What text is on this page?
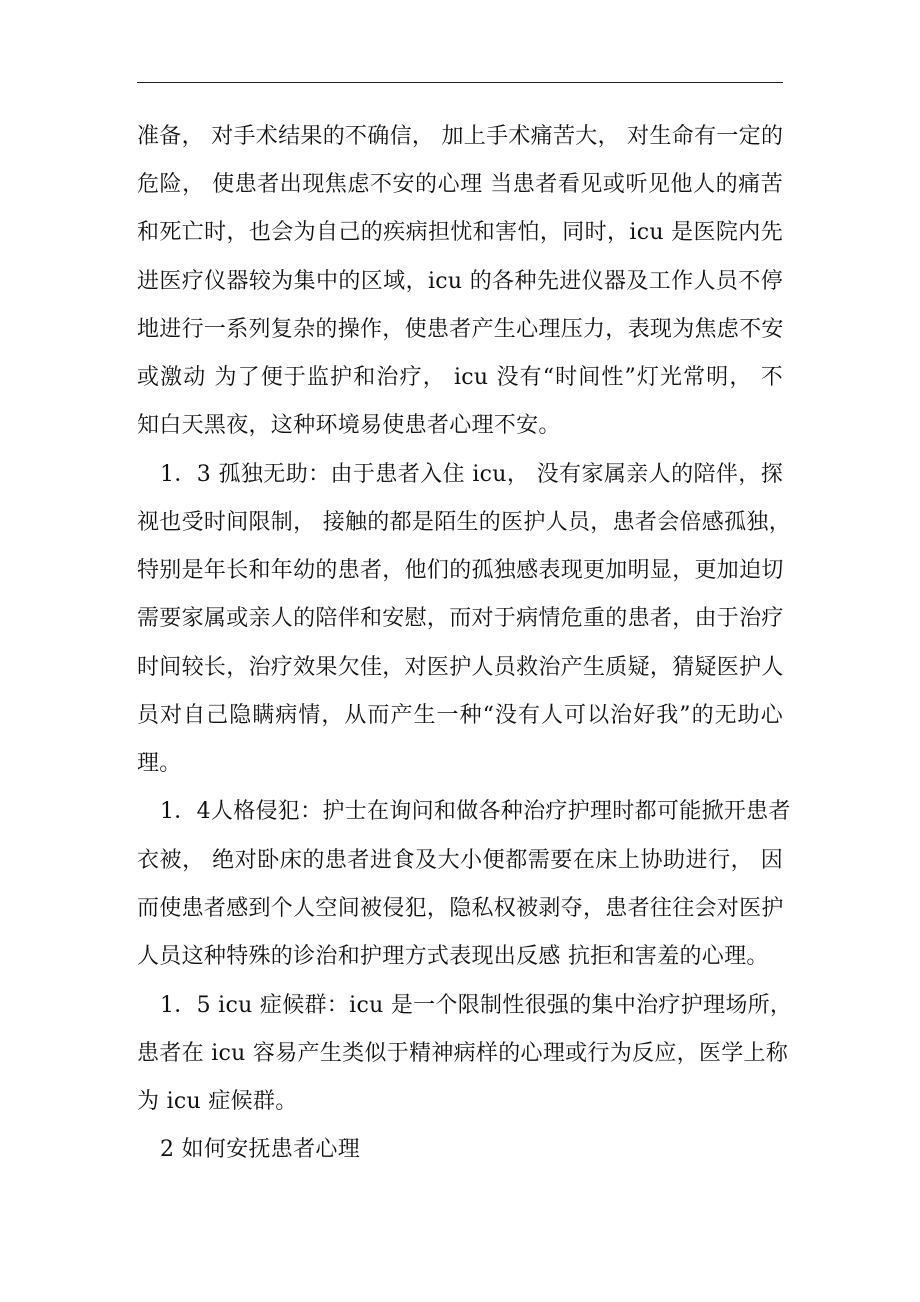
准备， 对手术结果的不确信， 加上手术痛苦大， 对生命有一定的
危险， 使患者出现焦虑不安的心理 当患者看见或听见他人的痛苦
和死亡时，也会为自己的疾病担忧和害怕，同时，icu 是医院内先
进医疗仪器较为集中的区域，icu 的各种先进仪器及工作人员不停
地进行一系列复杂的操作，使患者产生心理压力，表现为焦虑不安
或激动 为了便于监护和治疗， icu 没有“时间性”灯光常明， 不
知白天黑夜，这种环境易使患者心理不安。
1．3 孤独无助：由于患者入住 icu， 没有家属亲人的陪伴，探
视也受时间限制， 接触的都是陌生的医护人员，患者会倍感孤独，
特别是年长和年幼的患者，他们的孤独感表现更加明显，更加迫切
需要家属或亲人的陪伴和安慰，而对于病情危重的患者，由于治疗
时间较长，治疗效果欠佳，对医护人员救治产生质疑，猜疑医护人
员对自己隐瞒病情，从而产生一种“没有人可以治好我”的无助心
理。
1．4人格侵犯：护士在询问和做各种治疗护理时都可能掀开患者
衣被， 绝对卧床的患者进食及大小便都需要在床上协助进行， 因
而使患者感到个人空间被侵犯，隐私权被剥夺，患者往往会对医护
人员这种特殊的诊治和护理方式表现出反感 抗拒和害羞的心理。
1．5 icu 症候群：icu 是一个限制性很强的集中治疗护理场所，
患者在 icu 容易产生类似于精神病样的心理或行为反应，医学上称
为 icu 症候群。
2 如何安抚患者心理
